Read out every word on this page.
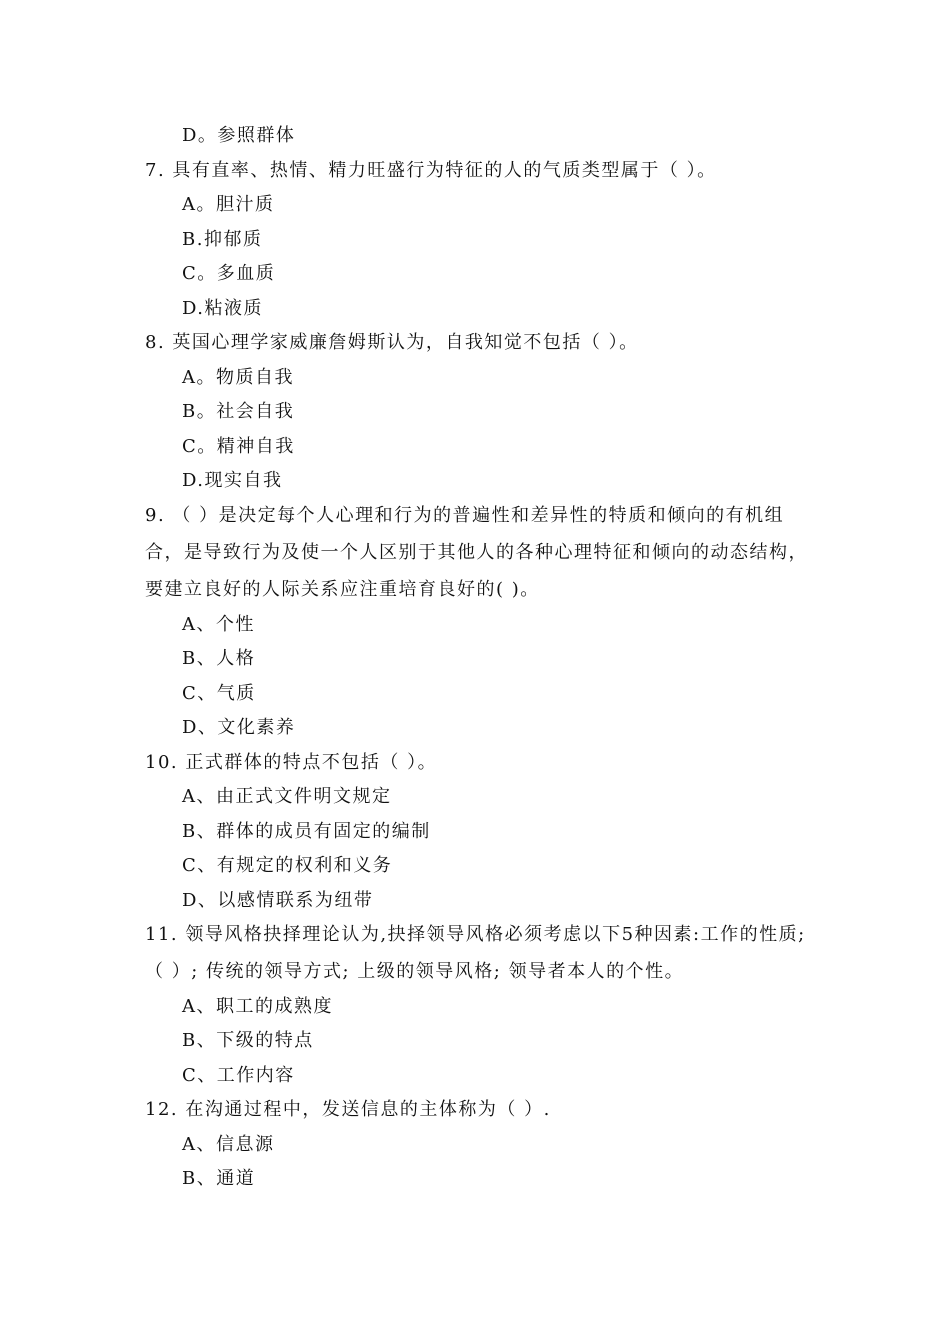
D。参照群体
7. 具有直率、热情、精力旺盛行为特征的人的气质类型属于（ ）。
A。胆汁质
B.抑郁质
C。多血质
D.粘液质
8. 英国心理学家威廉詹姆斯认为，自我知觉不包括（ ）。
A。物质自我
B。社会自我
C。精神自我
D.现实自我
9. （ ）是决定每个人心理和行为的普遍性和差异性的特质和倾向的有机组
合，是导致行为及使一个人区别于其他人的各种心理特征和倾向的动态结构，
要建立良好的人际关系应注重培育良好的( )。
A、个性
B、人格
C、气质
D、文化素养
10. 正式群体的特点不包括（ ）。
A、由正式文件明文规定
B、群体的成员有固定的编制
C、有规定的权利和义务
D、以感情联系为纽带
11. 领导风格抉择理论认为,抉择领导风格必须考虑以下5种因素:工作的性质;
（ ）; 传统的领导方式; 上级的领导风格; 领导者本人的个性。
A、职工的成熟度
B、下级的特点
C、工作内容
12. 在沟通过程中，发送信息的主体称为（ ）.
A、信息源
B、通道
